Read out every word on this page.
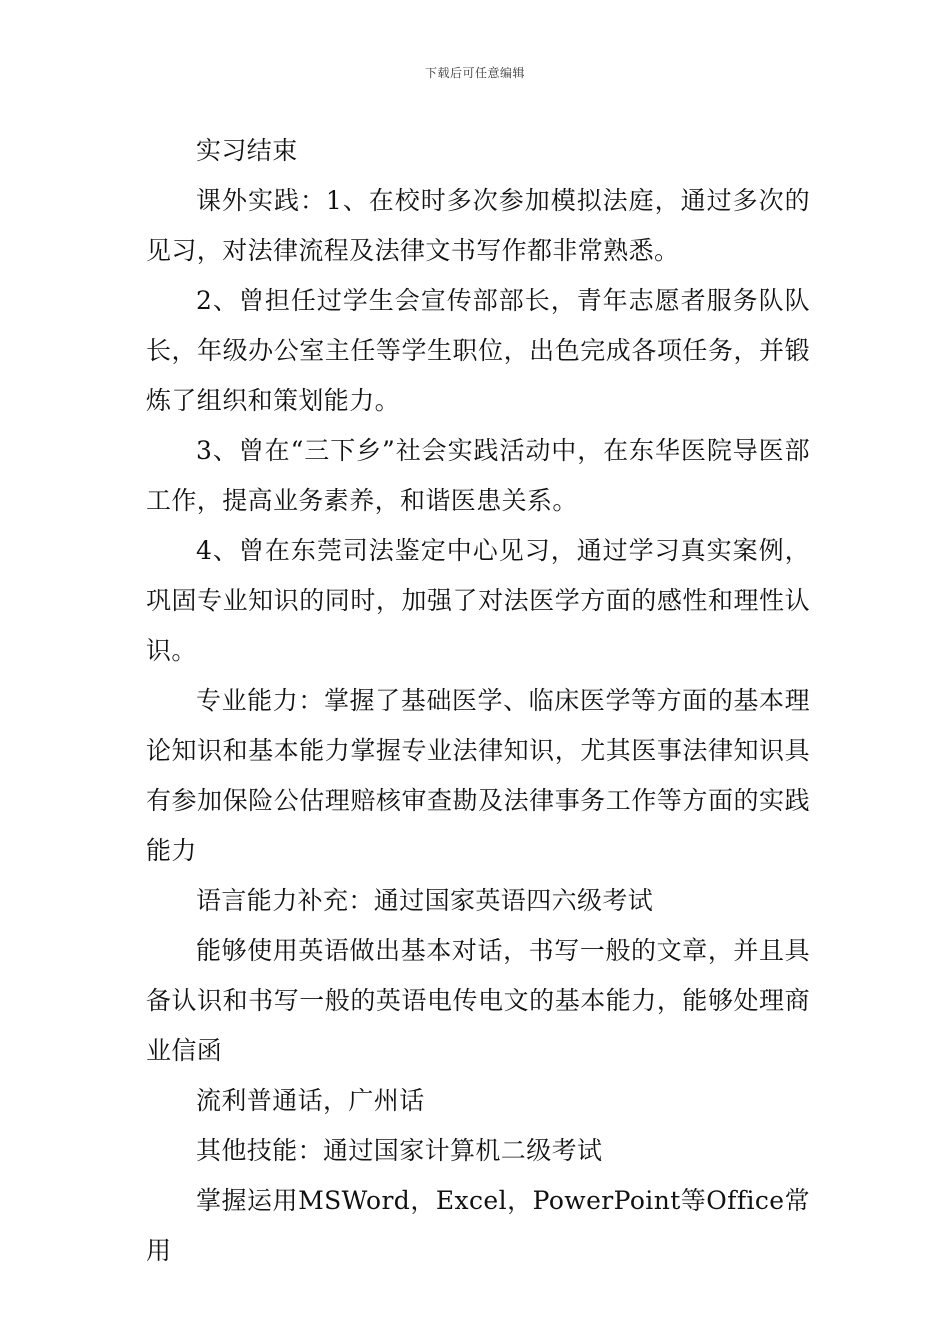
下载后可任意编辑

实习结束

课外实践：1、在校时多次参加模拟法庭，通过多次的见习，对法律流程及法律文书写作都非常熟悉。

2、曾担任过学生会宣传部部长，青年志愿者服务队队长，年级办公室主任等学生职位，出色完成各项任务，并锻炼了组织和策划能力。

3、曾在“三下乡”社会实践活动中，在东华医院导医部工作，提高业务素养，和谐医患关系。

4、曾在东莞司法鉴定中心见习，通过学习真实案例，巩固专业知识的同时，加强了对法医学方面的感性和理性认识。

专业能力：掌握了基础医学、临床医学等方面的基本理论知识和基本能力掌握专业法律知识，尤其医事法律知识具有参加保险公估理赔核审查勘及法律事务工作等方面的实践能力

语言能力补充：通过国家英语四六级考试

能够使用英语做出基本对话，书写一般的文章，并且具备认识和书写一般的英语电传电文的基本能力，能够处理商业信函

流利普通话，广州话

其他技能：通过国家计算机二级考试

掌握运用MSWord，Excel，PowerPoint等Office常用
